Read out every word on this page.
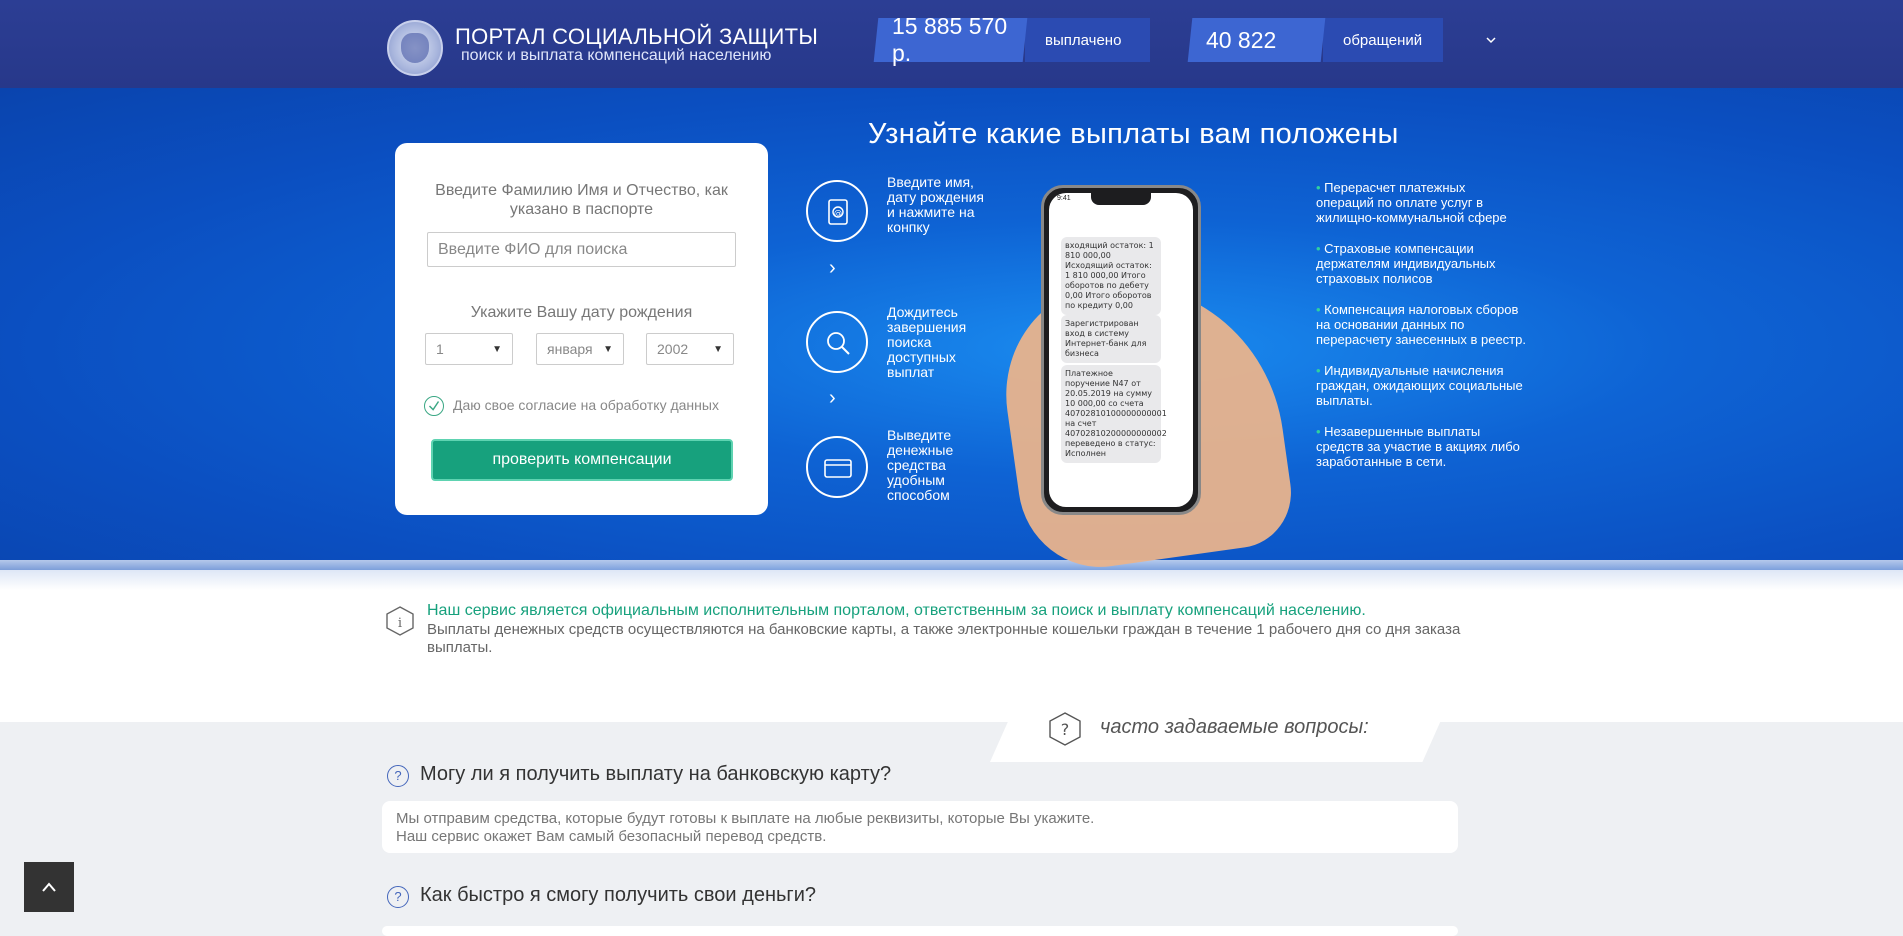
ПОРТАЛ СОЦИАЛЬНОЙ ЗАЩИТЫ
поиск и выплата компенсаций населению
15 885 570 р.	выплачено	40 822	обращений
Введите Фамилию Имя и Отчество, как указано в паспорте
Введите ФИО для поиска
Укажите Вашу дату рождения
1	▼	января ▼	2002 ▼
Даю свое согласие на обработку данных
проверить компенсации
Узнайте какие выплаты вам положены
@
Введите имя, дату рождения и нажмите на конпку
›
Дождитесь завершения поиска доступных выплат
›
Выведите денежные средства удобным способом
9:41
входящий остаток: 1 810 000,00 Исходящий остаток: 1 810 000,00 Итого оборотов по дебету 0,00 Итого оборотов по кредиту 0,00
Зарегистрирован вход в систему Интернет-банк для бизнеса
Платежное поручение N47 от 20.05.2019 на сумму 10 000,00 со счета 40702810100000000001 на счет 40702810200000000002 переведено в статус: Исполнен
• Перерасчет платежных операций по оплате услуг в жилищно-коммунальной сфере
• Страховые компенсации держателям индивидуальных страховых полисов
• Компенсация налоговых сборов на основании данных по перерасчету занесенных в реестр.
• Индивидуальные начисления граждан, ожидающих социальные выплаты.
• Незавершенные выплаты средств за участие в акциях либо заработанные в сети.
i
Наш сервис является официальным исполнительным порталом, ответственным за поиск и выплату компенсаций населению.
Выплаты денежных средств осуществляются на банковские карты, а также электронные кошельки граждан в течение 1 рабочего дня со дня заказа выплаты.
? часто задаваемые вопросы:
? Могу ли я получить выплату на банковскую карту?
Мы отправим средства, которые будут готовы к выплате на любые реквизиты, которые Вы укажите.
Наш сервис окажет Вам самый безопасный перевод средств.
? Как быстро я смогу получить свои деньги?
